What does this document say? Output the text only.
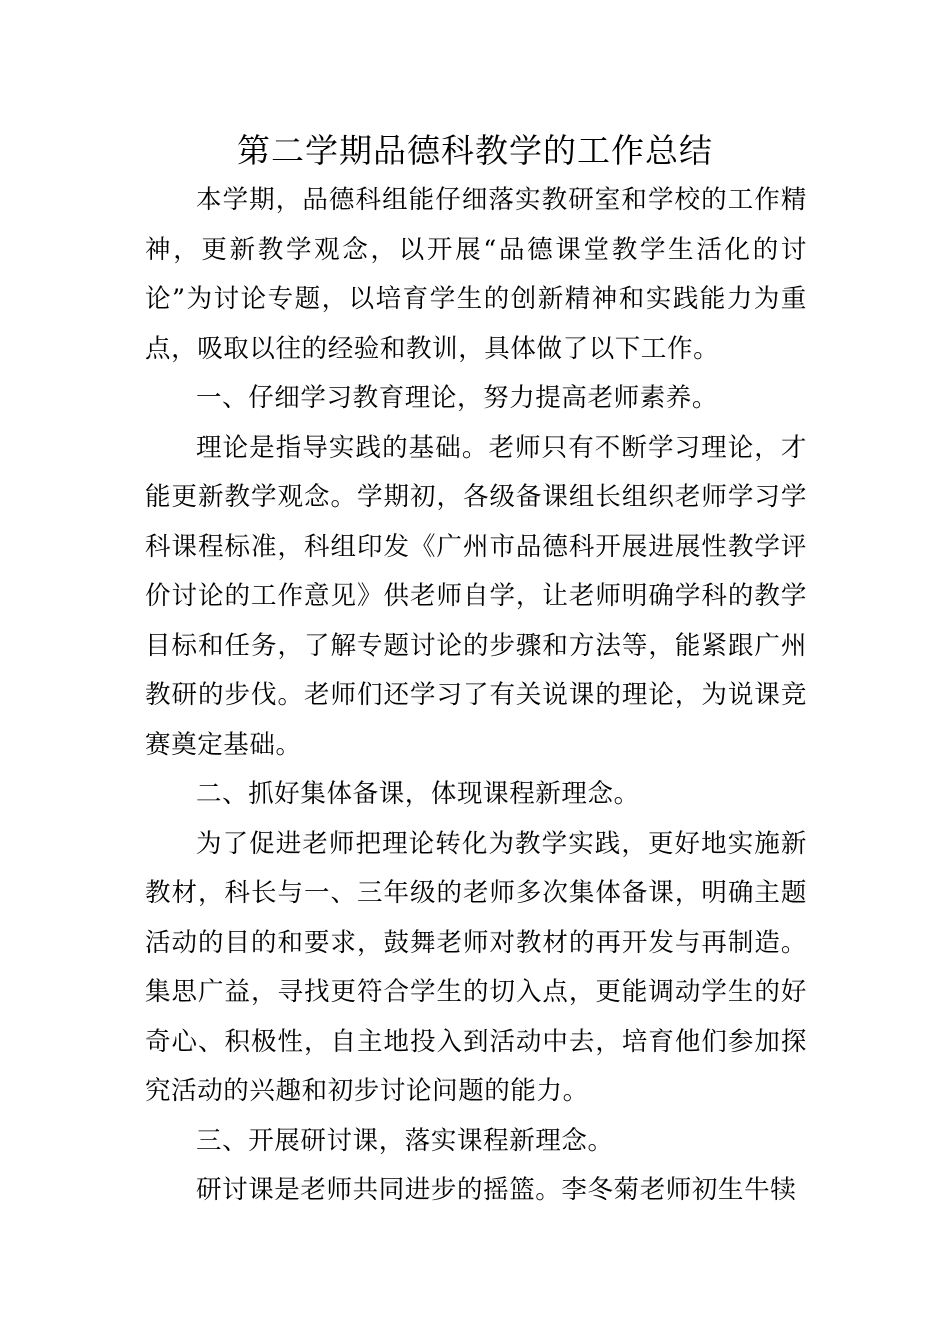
第二学期品德科教学的工作总结

本学期，品德科组能仔细落实教研室和学校的工作精神，更新教学观念，以开展“品德课堂教学生活化的讨论”为讨论专题，以培育学生的创新精神和实践能力为重点，吸取以往的经验和教训，具体做了以下工作。

一、仔细学习教育理论，努力提高老师素养。

理论是指导实践的基础。老师只有不断学习理论，才能更新教学观念。学期初，各级备课组长组织老师学习学科课程标准，科组印发《广州市品德科开展进展性教学评价讨论的工作意见》供老师自学，让老师明确学科的教学目标和任务，了解专题讨论的步骤和方法等，能紧跟广州教研的步伐。老师们还学习了有关说课的理论，为说课竞赛奠定基础。

二、抓好集体备课，体现课程新理念。

为了促进老师把理论转化为教学实践，更好地实施新教材，科长与一、三年级的老师多次集体备课，明确主题活动的目的和要求，鼓舞老师对教材的再开发与再制造。集思广益，寻找更符合学生的切入点，更能调动学生的好奇心、积极性，自主地投入到活动中去，培育他们参加探究活动的兴趣和初步讨论问题的能力。

三、开展研讨课，落实课程新理念。

研讨课是老师共同进步的摇篮。李冬菊老师初生牛犊
